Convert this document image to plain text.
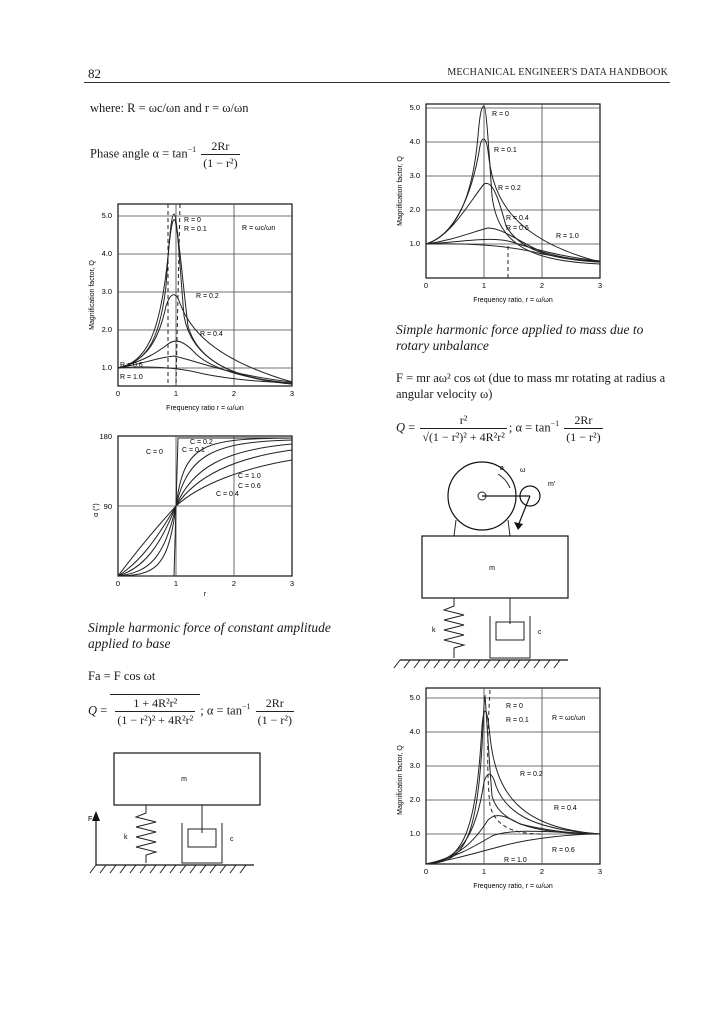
82	MECHANICAL ENGINEER'S DATA HANDBOOK
where: R = ωc/ωn and r = ω/ωn
Phase angle $\alpha = \tan^{-1} \frac{2Rr}{\text{(1 − r²)}}$
R = 0
R = 0.1
R = 0.2
R = 0.4
R = 0.6
R = 1.0
R = ωc/ωn
5.0
4.0
3.0
2.0
1.0
0	1	2	3
Frequency ratio r = ω/ωn
Magnification factor, Q
C = 0
C = 0.2
C = 0.1
C = 1.0
C = 0.6
C = 0.4
180
90
0	1	2	3
r
α (°)
Simple harmonic force of constant amplitude applied to base
Fa = F cos ωt
$Q = \frac{\text{1 + 4R²r²}}{\text{(1 − r²)² + 4R²r²}}$ ; $\alpha = \tan^{-1} \frac{2Rr}{\text{(1 − r²)}}$
m
k	c
F
R = 0
R = 0.1
R = 0.2
R = 0.4
R = 0.6
R = 1.0
5.0
4.0
3.0
2.0
1.0
0	1	2	3
Frequency ratio, r = ω/ωn
Magnification factor, Q
Simple harmonic force applied to mass due to rotary unbalance
F = mr aω² cos ωt (due to mass mr rotating at radius a angular velocity ω)
$Q = \frac{\text{r²}}{\text{√(1 − r²)² + 4R²r²}}$ ; $\alpha = \tan^{-1} \frac{2Rr}{\text{(1 − r²)}}$
a ω
m'
m
k	c
R = 0
R = 0.1
R = 0.2
R = 0.4
R = 0.6
R = 1.0
R = ωc/ωn
5.0
4.0
3.0
2.0
1.0
0	1	2	3
Frequency ratio, r = ω/ωn
Magnification factor, Q
